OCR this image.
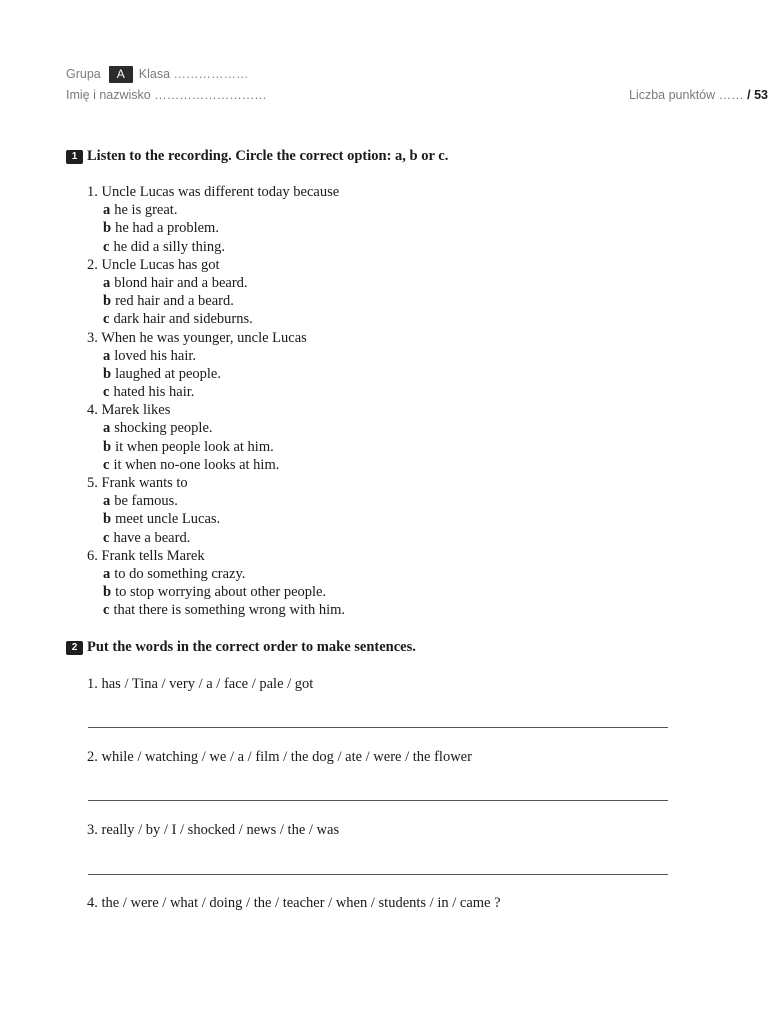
Grupa A Klasa ………………
Imię i nazwisko ………………………	Liczba punktów …… / 53
1 Listen to the recording. Circle the correct option: a, b or c.
1. Uncle Lucas was different today because
a he is great.
b he had a problem.
c he did a silly thing.
2. Uncle Lucas has got
a blond hair and a beard.
b red hair and a beard.
c dark hair and sideburns.
3. When he was younger, uncle Lucas
a loved his hair.
b laughed at people.
c hated his hair.
4. Marek likes
a shocking people.
b it when people look at him.
c it when no-one looks at him.
5. Frank wants to
a be famous.
b meet uncle Lucas.
c have a beard.
6. Frank tells Marek
a to do something crazy.
b to stop worrying about other people.
c that there is something wrong with him.
2 Put the words in the correct order to make sentences.
1. has / Tina / very / a / face / pale / got
2. while / watching / we / a / film / the dog / ate / were / the flower
3. really / by / I / shocked / news / the / was
4. the / were / what / doing / the / teacher / when / students / in / came ?
